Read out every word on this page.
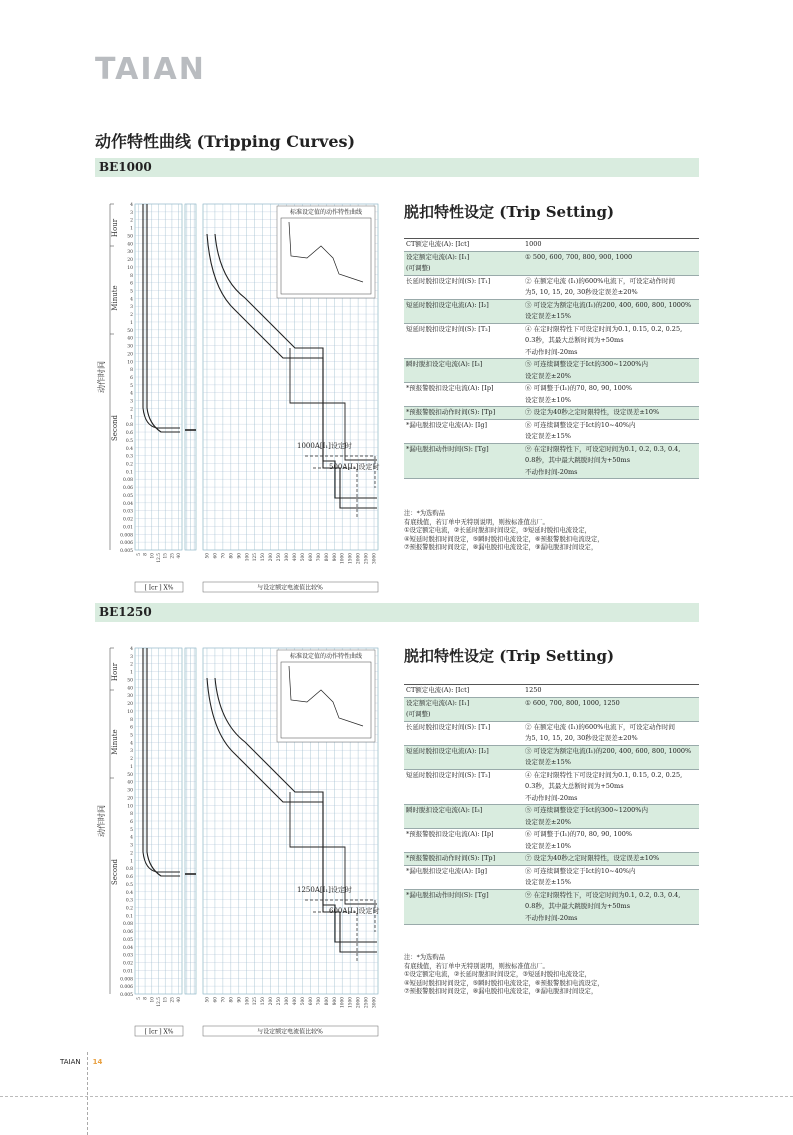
TAIAN
动作特性曲线 (Tripping Curves)
BE1000
动作时间
Hour
Minute
Second
4
3
2
1
50
40
30
20
10
8
6
5
4
3
2
1
50
40
30
20
10
8
6
5
4
3
2
1
0.8
0.6
0.5
0.4
0.3
0.2
0.1
0.08
0.06
0.05
0.04
0.03
0.02
0.01
0.008
0.006
0.005
5 8 10 12.5 15 25 40	50 60 70 80 90 100 125 150 200 250 300 400 500 600 700 800 900 1000 1500 2000 2500 3000
1000A[I₁]设定时
500A[I₁]设定时
标准设定值的动作特性曲线
[ Icr ] X%	与设定额定电流值比较%
脱扣特性设定 (Trip Setting)
CT额定电流(A): [Ict]	1000
设定额定电流(A): [I₁]
(可调整)	① 500, 600, 700, 800, 900, 1000
长延时脱扣设定时间(S): [T₁]	② 在额定电流 (I₁)的600%电流下，可设定动作时间
为5, 10, 15, 20, 30秒设定误差±20%
短延时脱扣设定电流(A): [I₂]	③ 可设定为额定电流(I₁)的200, 400, 600, 800, 1000%
设定误差±15%
短延时脱扣设定时间(S): [T₂]	④ 在定时限特性下可设定时间为0.1, 0.15, 0.2, 0.25,
0.3秒，其最大总断时间为+50ms
不动作时间-20ms
瞬时脱扣设定电流(A): [I₃]	⑤ 可连续调整设定于Ict的300~1200%内
设定误差±20%
*预报警脱扣设定电流(A): [Ip]	⑥ 可调整于(I₁)的70, 80, 90, 100%
设定误差±10%
*预报警脱扣动作时间(S): [Tp]	⑦ 设定为40秒之定时限特性，设定误差±10%
*漏电脱扣设定电流(A): [Ig]	⑧ 可连续调整设定于Ict的10~40%内
设定误差±15%
*漏电脱扣动作时间(S): [Tg]	⑨ 在定时限特性下，可设定时间为0.1, 0.2, 0.3, 0.4,
0.8秒，其中最大跳脱时间为+50ms
不动作时间-20ms
注：*为选购品
有底线值，若订单中无特别说明，则按标准值出厂。
①设定额定电流，②长延时脱扣时间设定，③短延时脱扣电流设定，
④短延时脱扣时间设定，⑤瞬时脱扣电流设定，⑥预报警脱扣电流设定，
⑦预报警脱扣时间设定，⑧漏电脱扣电流设定，⑨漏电脱扣时间设定，
BE1250
动作时间
Hour
Minute
Second
4
3
2
1
50
40
30
20
10
8
6
5
4
3
2
1
50
40
30
20
10
8
6
5
4
3
2
1
0.8
0.6
0.5
0.4
0.3
0.2
0.1
0.08
0.06
0.05
0.04
0.03
0.02
0.01
0.008
0.006
0.005
5 8 10 12.5 15 25 40	50 60 70 80 90 100 125 150 200 250 300 400 500 600 700 800 900 1000 1500 2000 2500 3000
1250A[I₁]设定时
600A[I₁]设定时
标准设定值的动作特性曲线
[ Icr ] X%	与设定额定电流值比较%
脱扣特性设定 (Trip Setting)
CT额定电流(A): [Ict]	1250
设定额定电流(A): [I₁]
(可调整)	① 600, 700, 800, 1000, 1250
长延时脱扣设定时间(S): [T₁]	② 在额定电流 (I₁)的600%电流下，可设定动作时间
为5, 10, 15, 20, 30秒设定误差±20%
短延时脱扣设定电流(A): [I₂]	③ 可设定为额定电流(I₁)的200, 400, 600, 800, 1000%
设定误差±15%
短延时脱扣设定时间(S): [T₂]	④ 在定时限特性下可设定时间为0.1, 0.15, 0.2, 0.25,
0.3秒，其最大总断时间为+50ms
不动作时间-20ms
瞬时脱扣设定电流(A): [I₃]	⑤ 可连续调整设定于Ict的300~1200%内
设定误差±20%
*预报警脱扣设定电流(A): [Ip]	⑥ 可调整于(I₁)的70, 80, 90, 100%
设定误差±10%
*预报警脱扣动作时间(S): [Tp]	⑦ 设定为40秒之定时限特性，设定误差±10%
*漏电脱扣设定电流(A): [Ig]	⑧ 可连续调整设定于Ict的10~40%内
设定误差±15%
*漏电脱扣动作时间(S): [Tg]	⑨ 在定时限特性下，可设定时间为0.1, 0.2, 0.3, 0.4,
0.8秒，其中最大跳脱时间为+50ms
不动作时间-20ms
注：*为选购品
有底线值，若订单中无特别说明，则按标准值出厂。
①设定额定电流，②长延时脱扣时间设定，③短延时脱扣电流设定，
④短延时脱扣时间设定，⑤瞬时脱扣电流设定，⑥预报警脱扣电流设定，
⑦预报警脱扣时间设定，⑧漏电脱扣电流设定，⑨漏电脱扣时间设定，
TAIAN 14
